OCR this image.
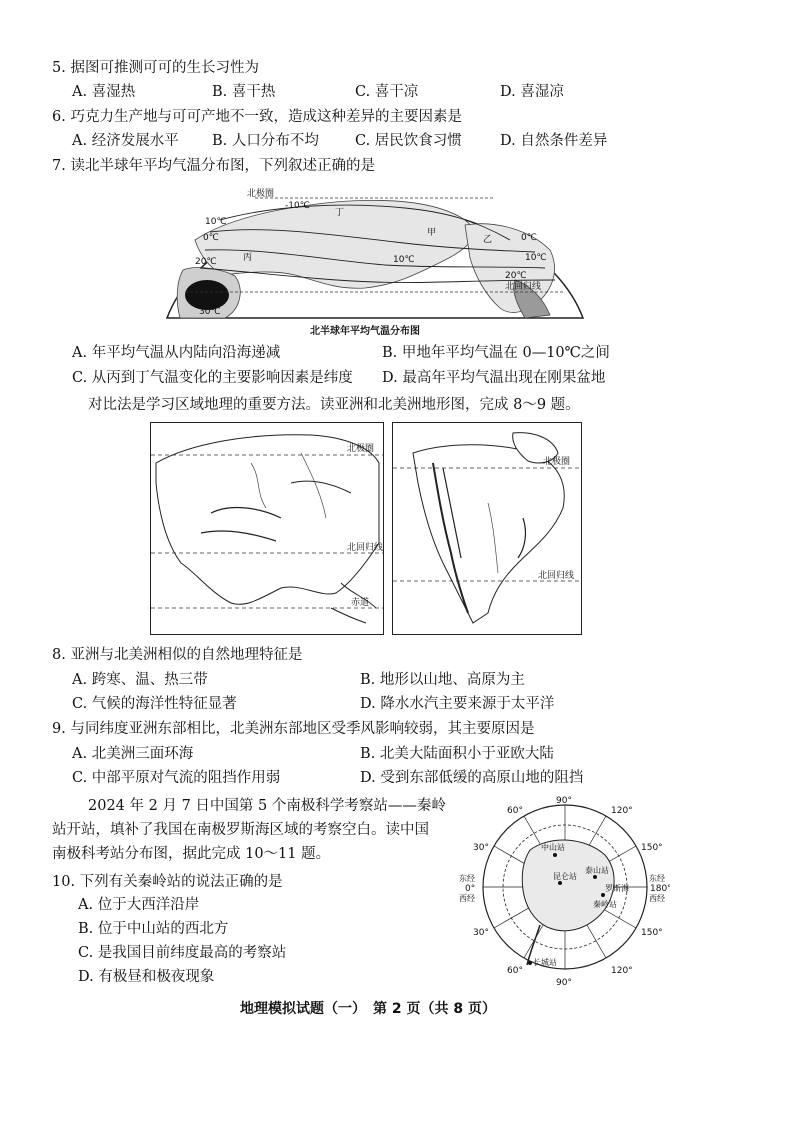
5. 据图可推测可可的生长习性为
A. 喜湿热	B. 喜干热	C. 喜干凉	D. 喜湿凉
6. 巧克力生产地与可可产地不一致，造成这种差异的主要因素是
A. 经济发展水平 B. 人口分布不均 C. 居民饮食习惯	D. 自然条件差异
7. 读北半球年平均气温分布图，下列叙述正确的是
北极圈
-10℃
丁
10℃
0℃	甲
乙
20℃	丙	10℃
0℃
10℃
20℃
北回归线
30℃
北半球年平均气温分布图
A. 年平均气温从内陆向沿海递减	B. 甲地年平均气温在 0—10℃之间
C. 从丙到丁气温变化的主要影响因素是纬度 D. 最高年平均气温出现在刚果盆地
对比法是学习区域地理的重要方法。读亚洲和北美洲地形图，完成 8～9 题。
北极圈
北回归线
赤道
北极圈
北回归线
8. 亚洲与北美洲相似的自然地理特征是
A. 跨寒、温、热三带	B. 地形以山地、高原为主
C. 气候的海洋性特征显著	D. 降水水汽主要来源于太平洋
9. 与同纬度亚洲东部相比，北美洲东部地区受季风影响较弱，其主要原因是
A. 北美洲三面环海	B. 北美大陆面积小于亚欧大陆
C. 中部平原对气流的阻挡作用弱	D. 受到东部低缓的高原山地的阻挡
2024 年 2 月 7 日中国第 5 个南极科学考察站——秦岭
站开站，填补了我国在南极罗斯海区域的考察空白。读中国
南极科考站分布图，据此完成 10～11 题。
10. 下列有关秦岭站的说法正确的是
A. 位于大西洋沿岸
B. 位于中山站的西北方
C. 是我国目前纬度最高的考察站
D. 有极昼和极夜现象
60°
90°
120°
30°	150°
东经
0°
西经
东经
180°
西经
30°	150°
60°
90°
120°
中山站
昆仑站
泰山站
秦岭站
罗斯海
长城站
地理模拟试题（一）　第 2 页（共 8 页）
